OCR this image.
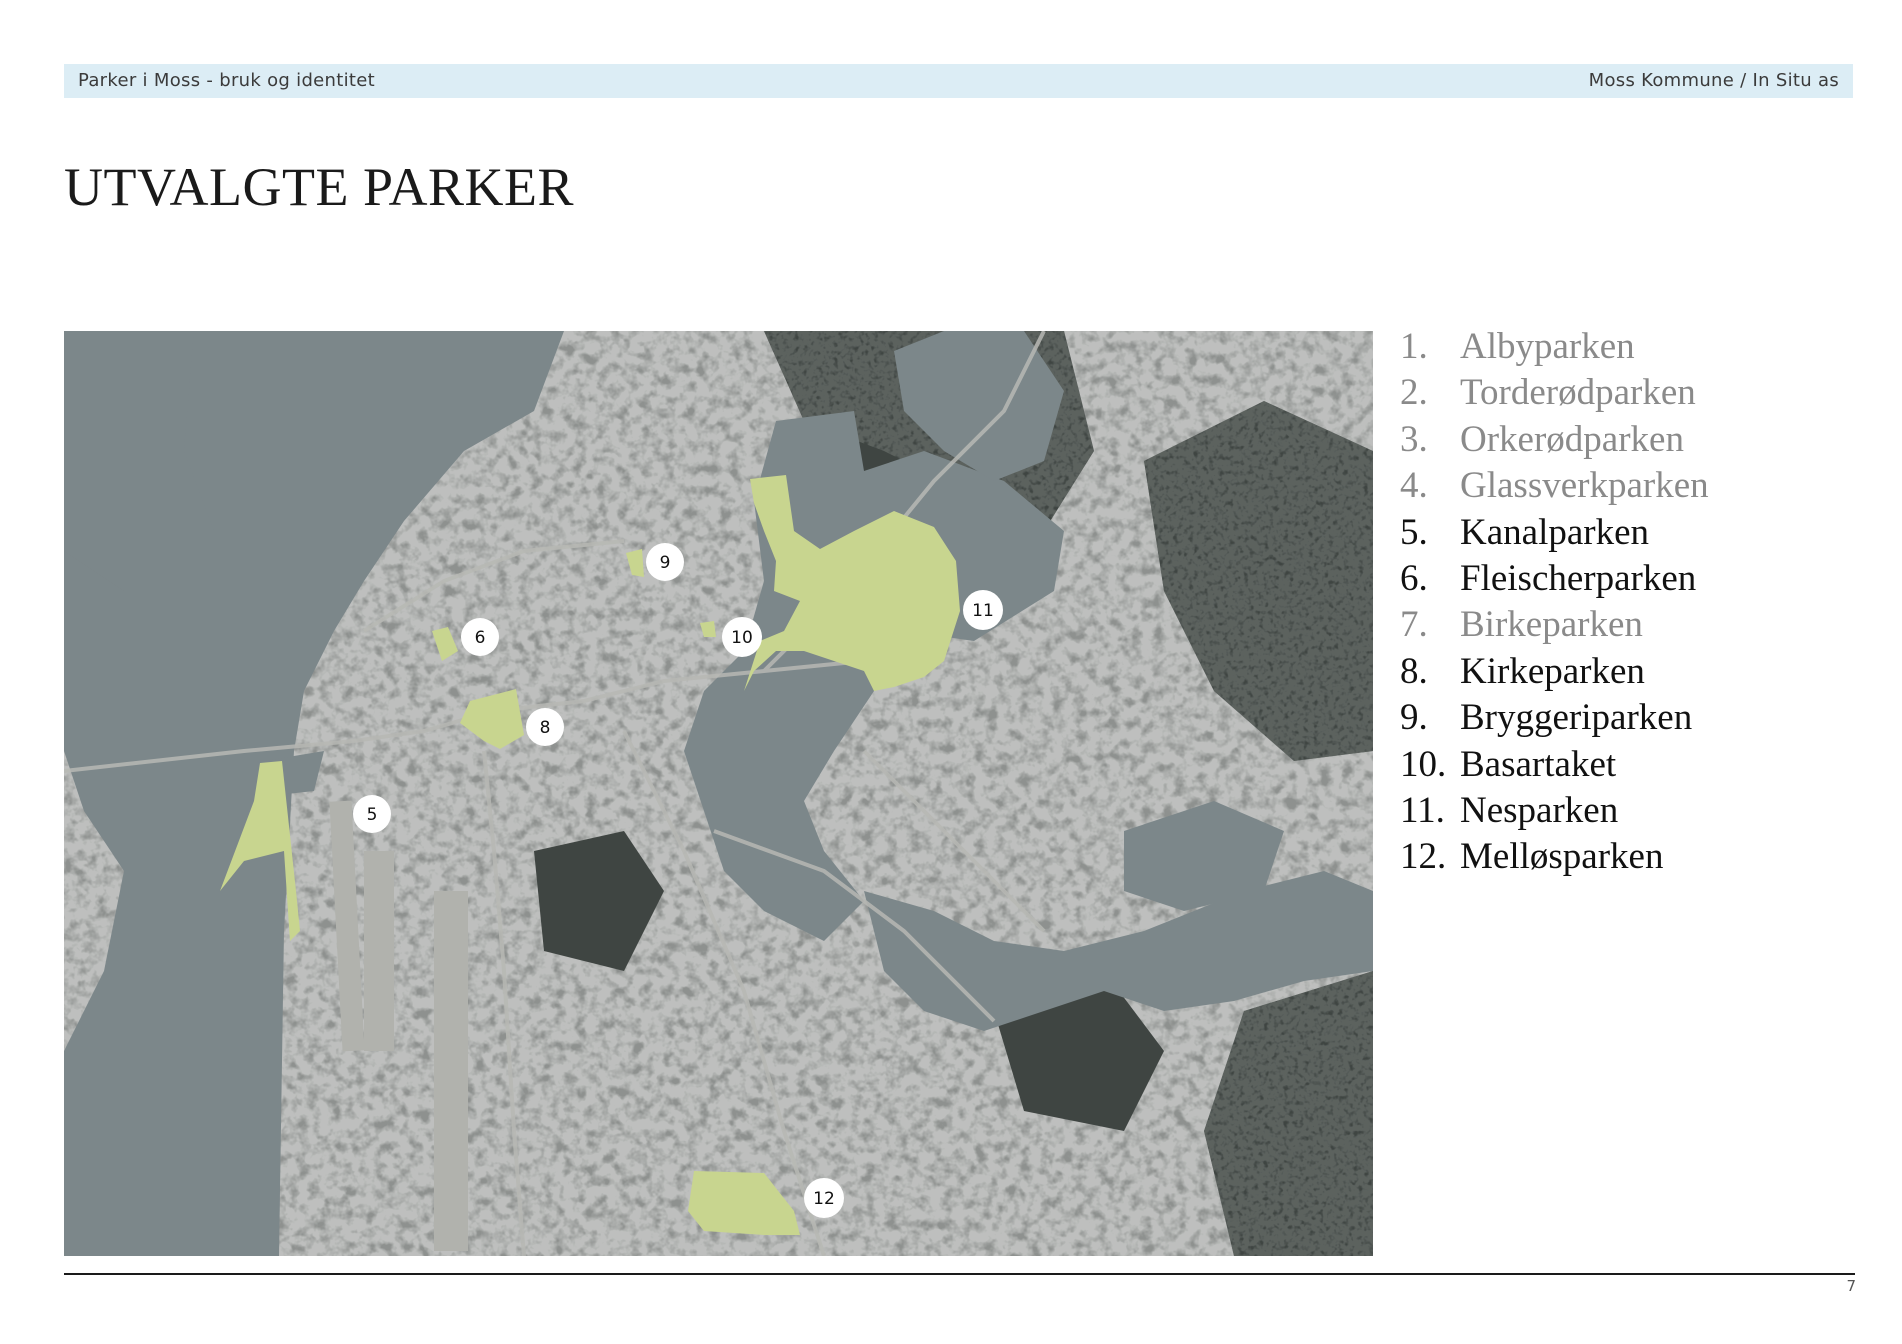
Parker i Moss - bruk og identitet	Moss Kommune / In Situ as
UTVALGTE PARKER
5
6
8
9
10
11
12
1. Albyparken
2. Torderødparken
3. Orkerødparken
4. Glassverkparken
5. Kanalparken
6. Fleischerparken
7. Birkeparken
8. Kirkeparken
9. Bryggeriparken
10. Basartaket
11. Nesparken
12. Melløsparken
7
